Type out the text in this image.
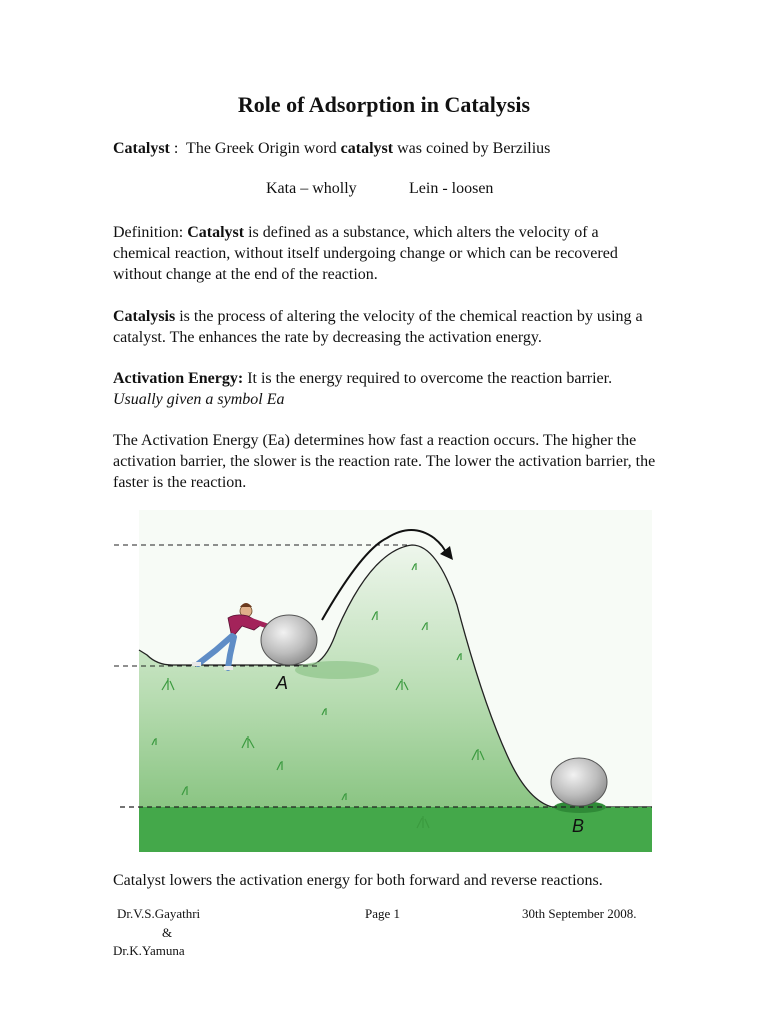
Role of Adsorption in Catalysis
Catalyst :  The Greek Origin word catalyst was coined by Berzilius
Kata – wholly	Lein - loosen
Definition: Catalyst is defined as a substance, which alters the velocity of a chemical reaction, without itself undergoing change or which can be recovered without change at the end of the reaction.
Catalysis is the process of altering the velocity of the chemical reaction by using a catalyst. The enhances the rate by decreasing the activation energy.
Activation Energy: It is the energy required to overcome the reaction barrier. Usually given a symbol Ea
The Activation Energy (Ea) determines how fast a reaction occurs. The higher the activation barrier, the slower is the reaction rate. The lower the activation barrier, the faster is the reaction.
A
B
Catalyst lowers the activation energy for both forward and reverse reactions.
Dr.V.S.Gayathri
&
Dr.K.Yamuna
Page 1	30th September 2008.
